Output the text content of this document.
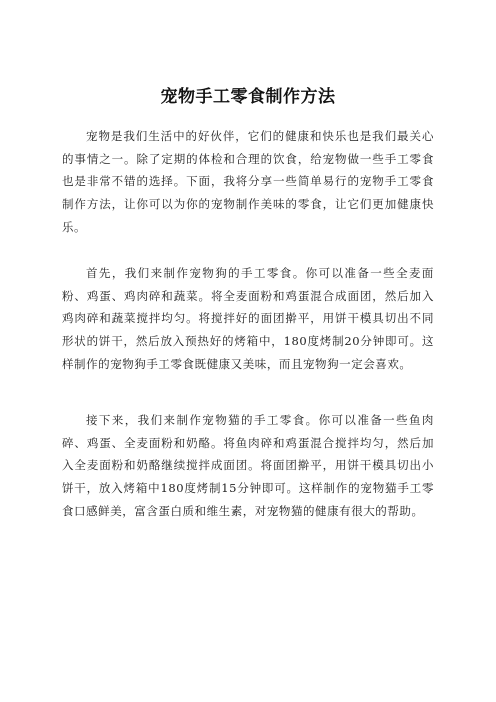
宠物手工零食制作方法

宠物是我们生活中的好伙伴，它们的健康和快乐也是我们最关心的事情之一。除了定期的体检和合理的饮食，给宠物做一些手工零食也是非常不错的选择。下面，我将分享一些简单易行的宠物手工零食制作方法，让你可以为你的宠物制作美味的零食，让它们更加健康快乐。

首先，我们来制作宠物狗的手工零食。你可以准备一些全麦面粉、鸡蛋、鸡肉碎和蔬菜。将全麦面粉和鸡蛋混合成面团，然后加入鸡肉碎和蔬菜搅拌均匀。将搅拌好的面团擀平，用饼干模具切出不同形状的饼干，然后放入预热好的烤箱中，180度烤制20分钟即可。这样制作的宠物狗手工零食既健康又美味，而且宠物狗一定会喜欢。

接下来，我们来制作宠物猫的手工零食。你可以准备一些鱼肉碎、鸡蛋、全麦面粉和奶酪。将鱼肉碎和鸡蛋混合搅拌均匀，然后加入全麦面粉和奶酪继续搅拌成面团。将面团擀平，用饼干模具切出小饼干，放入烤箱中180度烤制15分钟即可。这样制作的宠物猫手工零食口感鲜美，富含蛋白质和维生素，对宠物猫的健康有很大的帮助。
